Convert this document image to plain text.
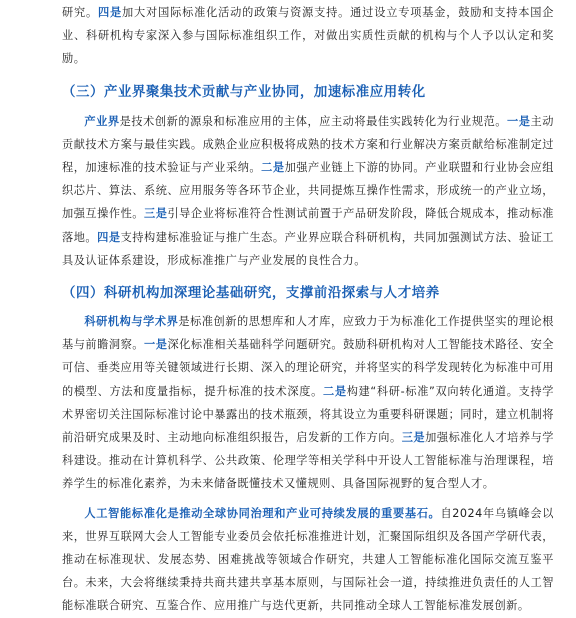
研究。四是加大对国际标准化活动的政策与资源支持。通过设立专项基金，鼓励和支持本国企业、科研机构专家深入参与国际标准组织工作，对做出实质性贡献的机构与个人予以认定和奖励。

（三）产业界聚集技术贡献与产业协同，加速标准应用转化

产业界是技术创新的源泉和标准应用的主体，应主动将最佳实践转化为行业规范。一是主动贡献技术方案与最佳实践。成熟企业应积极将成熟的技术方案和行业解决方案贡献给标准制定过程，加速标准的技术验证与产业采纳。二是加强产业链上下游的协同。产业联盟和行业协会应组织芯片、算法、系统、应用服务等各环节企业，共同提炼互操作性需求，形成统一的产业立场，加强互操作性。三是引导企业将标准符合性测试前置于产品研发阶段，降低合规成本，推动标准落地。四是支持构建标准验证与推广生态。产业界应联合科研机构，共同加强测试方法、验证工具及认证体系建设，形成标准推广与产业发展的良性合力。

（四）科研机构加深理论基础研究，支撑前沿探索与人才培养

科研机构与学术界是标准创新的思想库和人才库，应致力于为标准化工作提供坚实的理论根基与前瞻洞察。一是深化标准相关基础科学问题研究。鼓励科研机构对人工智能技术路径、安全可信、垂类应用等关键领域进行长期、深入的理论研究，并将坚实的科学发现转化为标准中可用的模型、方法和度量指标，提升标准的技术深度。二是构建“科研-标准”双向转化通道。支持学术界密切关注国际标准讨论中暴露出的技术瓶颈，将其设立为重要科研课题；同时，建立机制将前沿研究成果及时、主动地向标准组织报告，启发新的工作方向。三是加强标准化人才培养与学科建设。推动在计算机科学、公共政策、伦理学等相关学科中开设人工智能标准与治理课程，培养学生的标准化素养，为未来储备既懂技术又懂规则、具备国际视野的复合型人才。

人工智能标准化是推动全球协同治理和产业可持续发展的重要基石。自2024年乌镇峰会以来，世界互联网大会人工智能专业委员会依托标准推进计划，汇聚国际组织及各国产学研代表，推动在标准现状、发展态势、困难挑战等领域合作研究，共建人工智能标准化国际交流互鉴平台。未来，大会将继续秉持共商共建共享基本原则，与国际社会一道，持续推进负责任的人工智能标准联合研究、互鉴合作、应用推广与迭代更新，共同推动全球人工智能标准发展创新。
